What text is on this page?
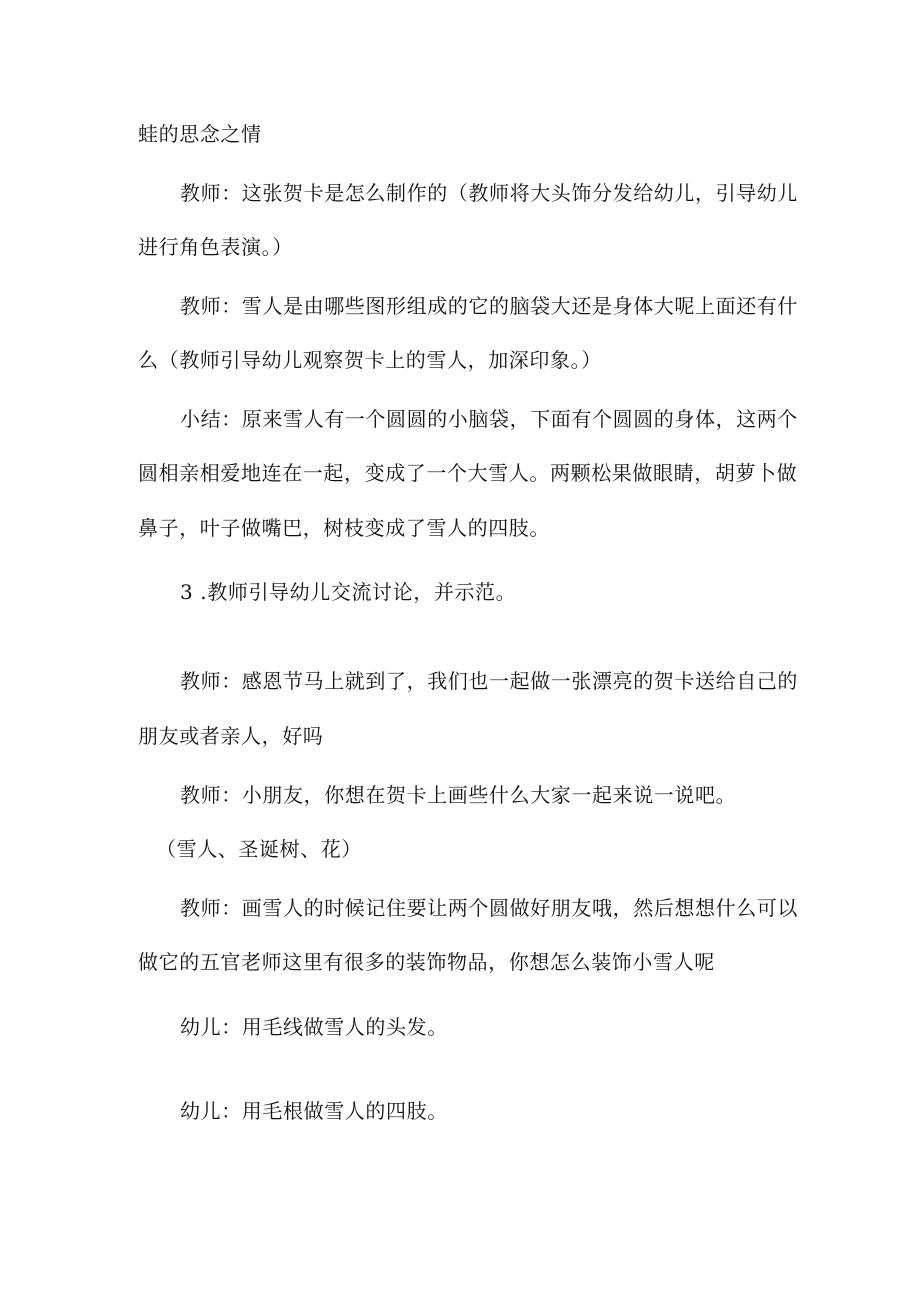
蛙的思念之情
教师：这张贺卡是怎么制作的（教师将大头饰分发给幼儿，引导幼儿
进行角色表演。）
教师：雪人是由哪些图形组成的它的脑袋大还是身体大呢上面还有什
么（教师引导幼儿观察贺卡上的雪人，加深印象。）
小结：原来雪人有一个圆圆的小脑袋，下面有个圆圆的身体，这两个
圆相亲相爱地连在一起，变成了一个大雪人。两颗松果做眼睛，胡萝卜做
鼻子，叶子做嘴巴，树枝变成了雪人的四肢。
3 .教师引导幼儿交流讨论，并示范。
教师：感恩节马上就到了，我们也一起做一张漂亮的贺卡送给自己的
朋友或者亲人，好吗
教师：小朋友，你想在贺卡上画些什么大家一起来说一说吧。
（雪人、圣诞树、花）
教师：画雪人的时候记住要让两个圆做好朋友哦，然后想想什么可以
做它的五官老师这里有很多的装饰物品，你想怎么装饰小雪人呢
幼儿：用毛线做雪人的头发。
幼儿：用毛根做雪人的四肢。
